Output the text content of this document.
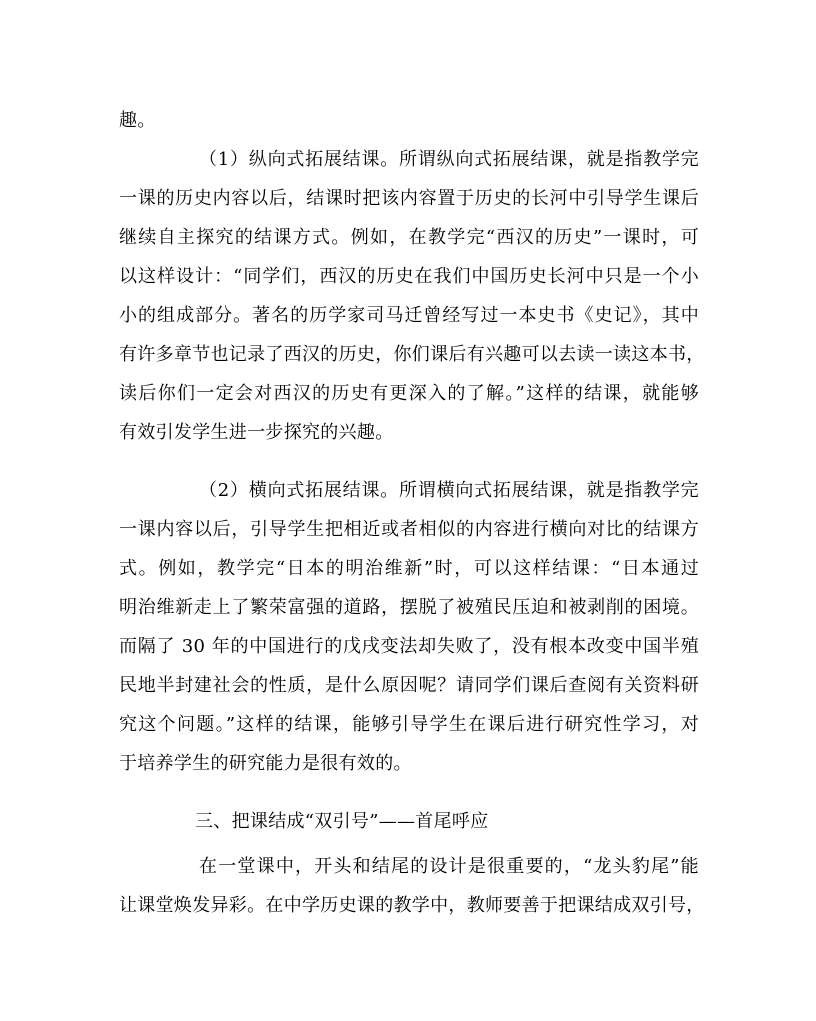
趣。
（1）纵向式拓展结课。所谓纵向式拓展结课，就是指教学完
一课的历史内容以后，结课时把该内容置于历史的长河中引导学生课后
继续自主探究的结课方式。例如，在教学完“西汉的历史”一课时，可
以这样设计：“同学们，西汉的历史在我们中国历史长河中只是一个小
小的组成部分。著名的历学家司马迁曾经写过一本史书《史记》，其中
有许多章节也记录了西汉的历史，你们课后有兴趣可以去读一读这本书，
读后你们一定会对西汉的历史有更深入的了解。”这样的结课，就能够
有效引发学生进一步探究的兴趣。
（2）横向式拓展结课。所谓横向式拓展结课，就是指教学完
一课内容以后，引导学生把相近或者相似的内容进行横向对比的结课方
式。例如，教学完“日本的明治维新”时，可以这样结课：“日本通过
明治维新走上了繁荣富强的道路，摆脱了被殖民压迫和被剥削的困境。
而隔了 30 年的中国进行的戊戌变法却失败了，没有根本改变中国半殖
民地半封建社会的性质，是什么原因呢？请同学们课后查阅有关资料研
究这个问题。”这样的结课，能够引导学生在课后进行研究性学习，对
于培养学生的研究能力是很有效的。
三、把课结成“双引号”——首尾呼应
在一堂课中，开头和结尾的设计是很重要的，“龙头豹尾”能
让课堂焕发异彩。在中学历史课的教学中，教师要善于把课结成双引号，
